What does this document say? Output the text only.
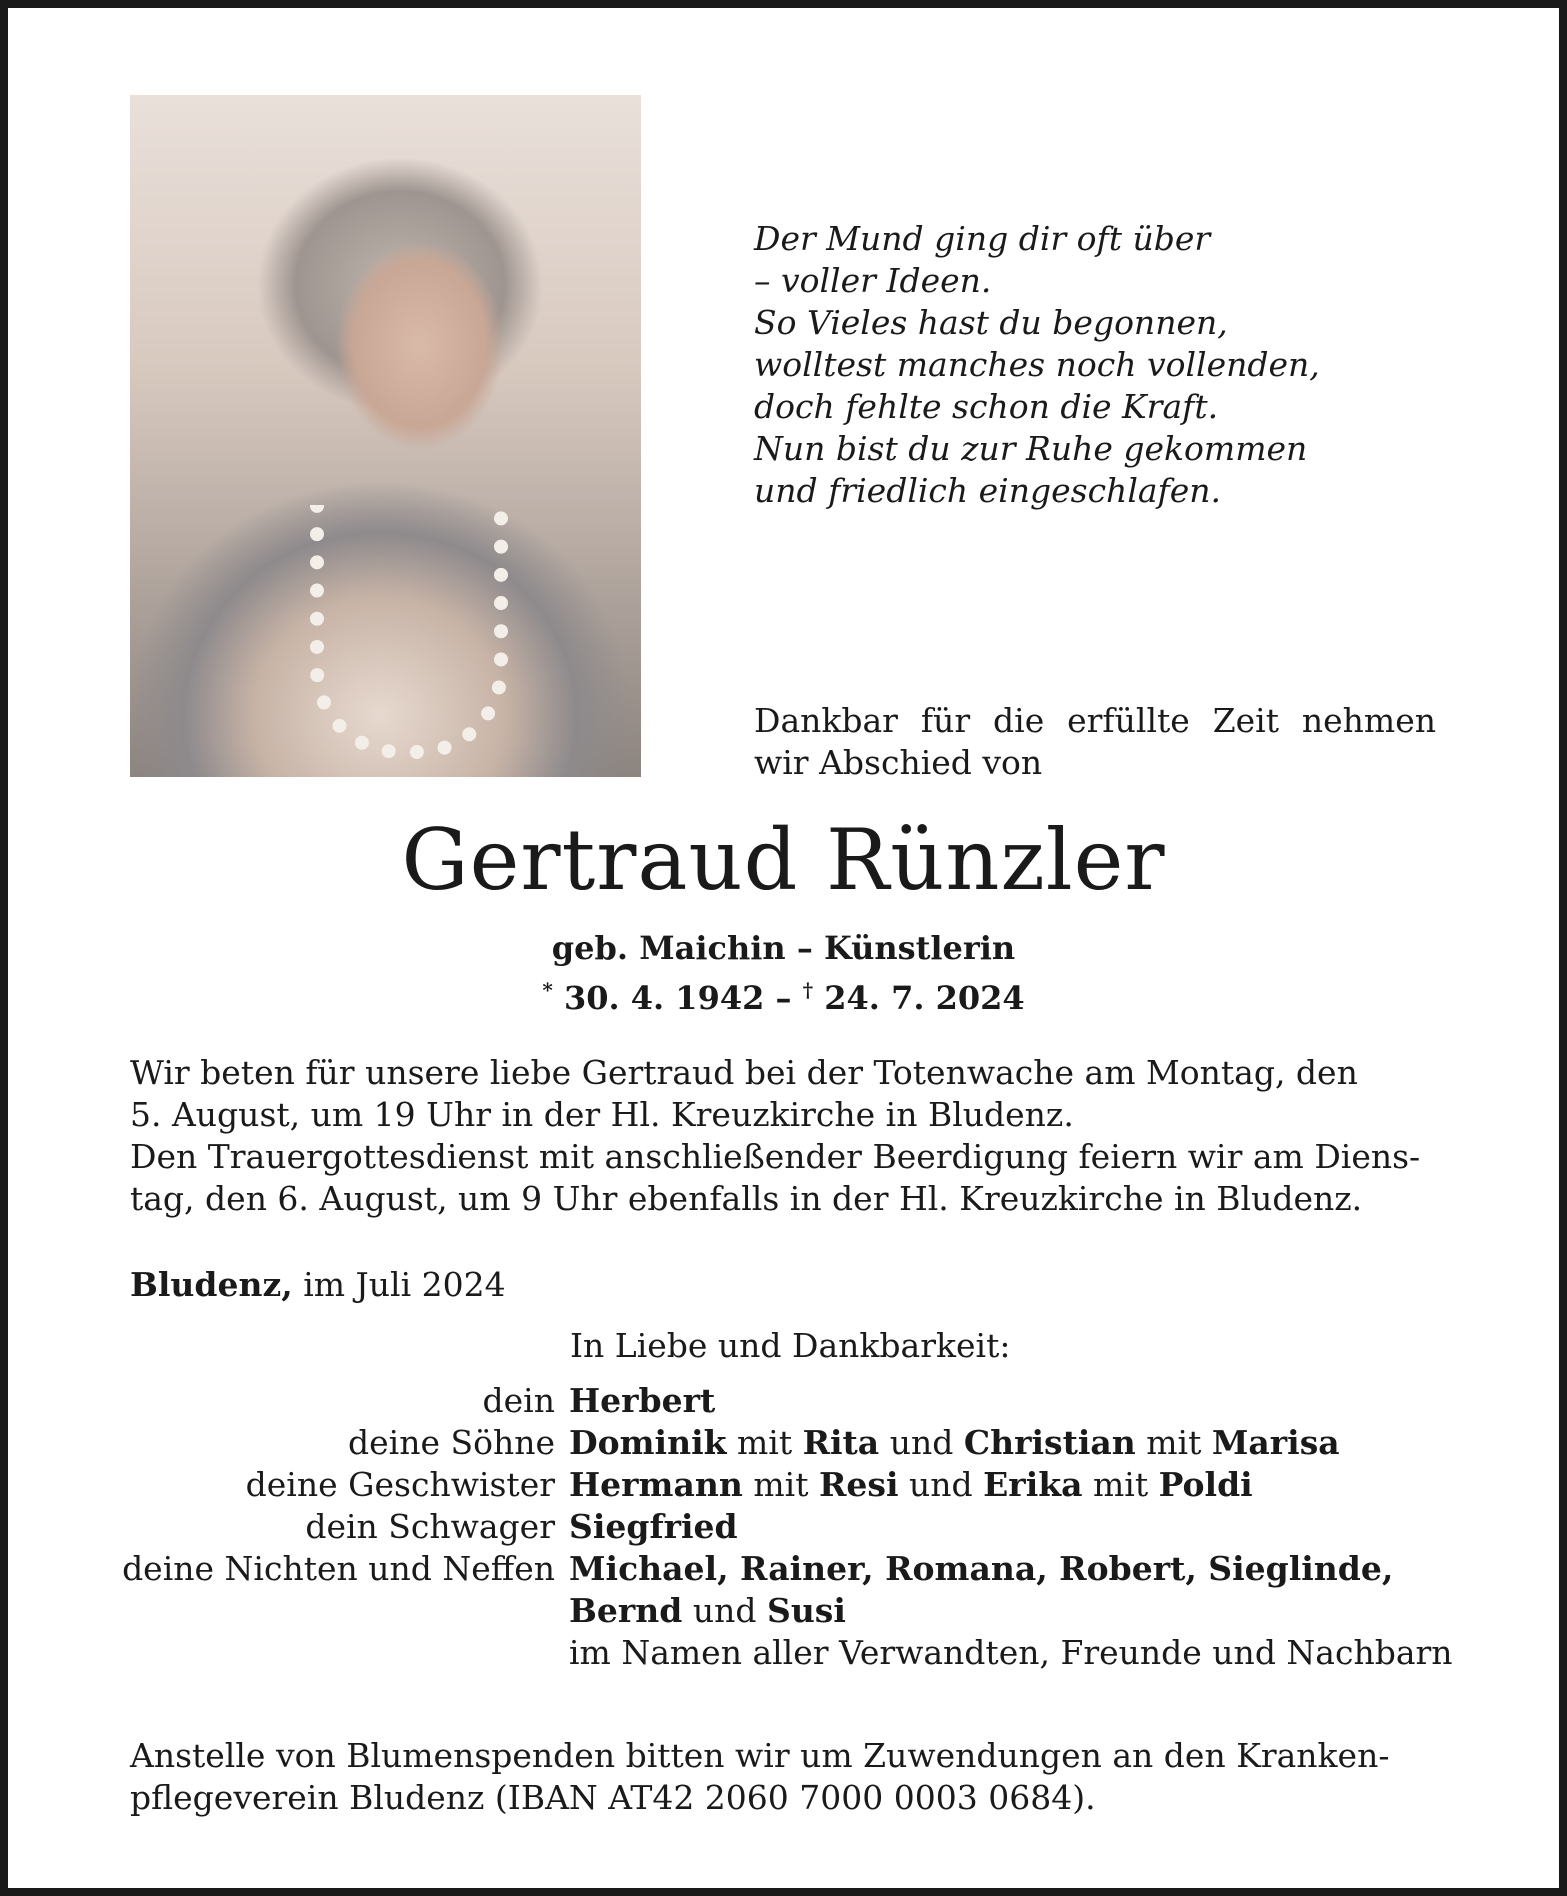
Der Mund ging dir oft über
– voller Ideen.
So Vieles hast du begonnen,
wolltest manches noch vollenden,
doch fehlte schon die Kraft.
Nun bist du zur Ruhe gekommen
und friedlich eingeschlafen.
Dankbar für die erfüllte Zeit nehmen
wir Abschied von
Gertraud Rünzler
geb. Maichin – Künstlerin
* 30. 4. 1942 – † 24. 7. 2024
Wir beten für unsere liebe Gertraud bei der Totenwache am Montag, den
5. August, um 19 Uhr in der Hl. Kreuzkirche in Bludenz.
Den Trauergottesdienst mit anschließender Beerdigung feiern wir am Diens-
tag, den 6. August, um 9 Uhr ebenfalls in der Hl. Kreuzkirche in Bludenz.
Bludenz, im Juli 2024
In Liebe und Dankbarkeit:
dein Herbert
deine Söhne Dominik mit Rita und Christian mit Marisa
deine Geschwister Hermann mit Resi und Erika mit Poldi
dein Schwager Siegfried
deine Nichten und Neffen Michael, Rainer, Romana, Robert, Sieglinde,
Bernd und Susi
im Namen aller Verwandten, Freunde und Nachbarn
Anstelle von Blumenspenden bitten wir um Zuwendungen an den Kranken-
pflegeverein Bludenz (IBAN AT42 2060 7000 0003 0684).
